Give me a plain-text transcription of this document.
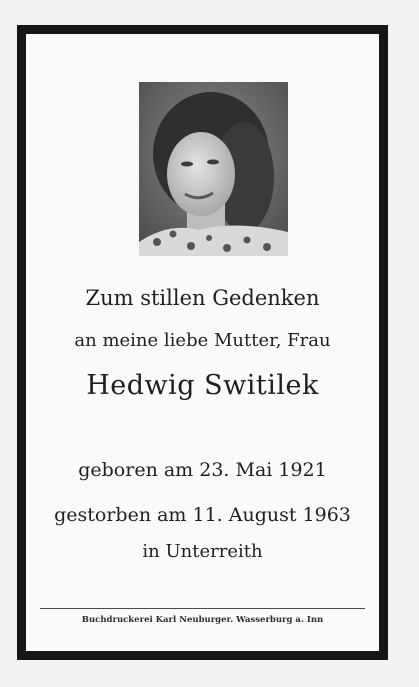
Zum stillen Gedenken
an meine liebe Mutter, Frau
Hedwig Switilek
geboren am 23. Mai 1921
gestorben am 11. August 1963
in Unterreith
Buchdruckerei Karl Neuburger. Wasserburg a. Inn
